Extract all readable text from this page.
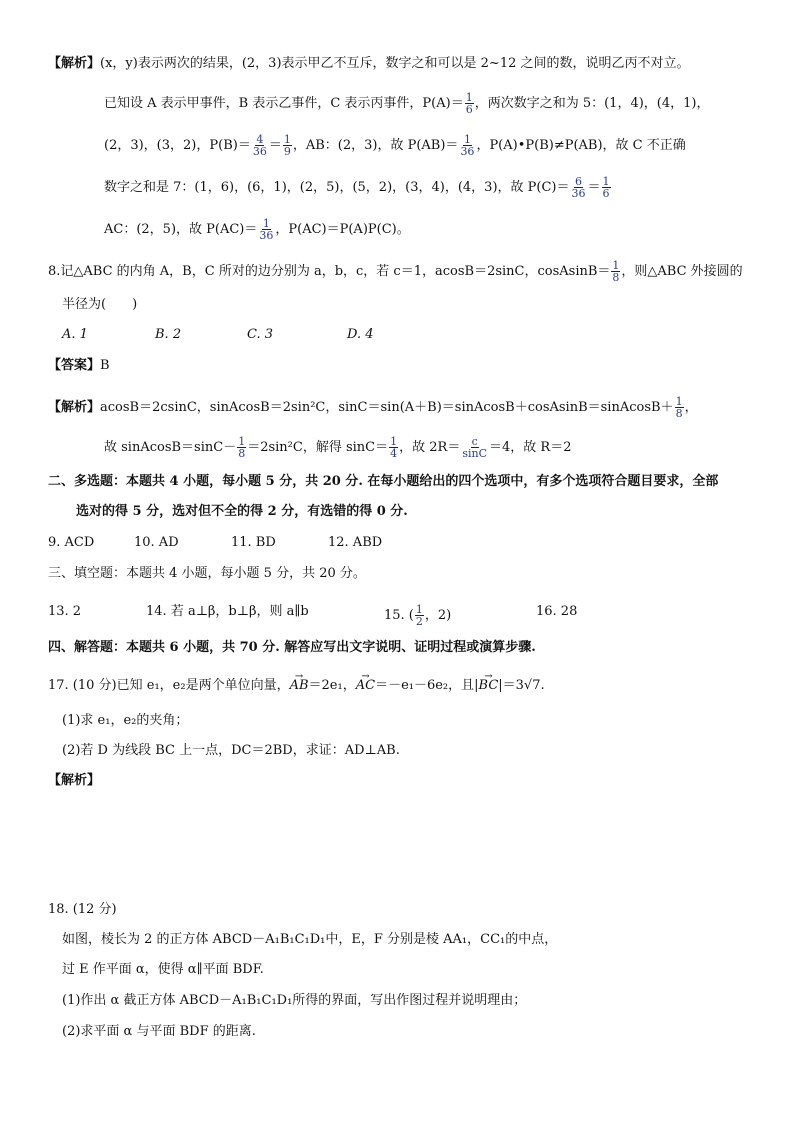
【解析】(x，y)表示两次的结果，(2，3)表示甲乙不互斥，数字之和可以是 2~12 之间的数，说明乙丙不对立。
已知设 A 表示甲事件，B 表示乙事件，C 表示丙事件，$P(A)= \frac{1}{6}$ ，两次数字之和为 5：(1，4)，(4，1)，
(2，3)，(3，2)，$P(B)= \frac{4}{36} = \frac{1}{9}$ ，AB：(2，3)，故 $P(AB)= \frac{1}{36}$ ，P(A)•P(B)≠P(AB)，故 C 不正确
数字之和是 7：(1，6)，(6，1)，(2，5)，(5，2)，(3，4)，(4，3)，故 $P(C)= \frac{6}{36} = \frac{1}{6}$
AC：(2，5)，故 $P(AC)= \frac{1}{36}$ ，P(AC)＝P(A)P(C)。
8.记△ABC 的内角 A，B，C 所对的边分别为 a，b，c，若 c＝1，acosB＝2sinC，cosAsinB＝ $\frac{1}{8}$ ，则△ABC 外接圆的
半径为(　　)
A. 1	B. 2	C. 3	D. 4
【答案】B
【解析】acosB＝2csinC，sinAcosB＝2sin²C，sinC＝sin(A＋B)＝sinAcosB＋cosAsinB＝sinAcosB＋ $\frac{1}{8}$ ，
故 sinAcosB＝sinC－ $\frac{1}{8} =2\sin^2C$，解得 $\sin C= \frac{1}{4}$ ，故 $2R= \frac{c}{\sin C} =4$，故 R＝2
二、多选题：本题共 4 小题，每小题 5 分，共 20 分. 在每小题给出的四个选项中，有多个选项符合题目要求，全部
选对的得 5 分，选对但不全的得 2 分，有选错的得 0 分.
9. ACD	10. AD	11. BD	12. ABD
三、填空题：本题共 4 小题，每小题 5 分，共 20 分。
13. 2	14. 若 a⊥β，b⊥β，则 a∥b	15. ( $\frac{1}{2}$ ，2)	16. 28
四、解答题：本题共 6 小题，共 70 分. 解答应写出文字说明、证明过程或演算步骤.
17. (10 分)已知 e₁，e₂是两个单位向量，→ AB＝2e₁，→ AC＝－e₁－6e₂，且|→ BC|＝3√7.
(1)求 e₁，e₂的夹角；
(2)若 D 为线段 BC 上一点，DC＝2BD，求证：AD⊥AB.
【解析】
18. (12 分)
如图，棱长为 2 的正方体 ABCD－A₁B₁C₁D₁中，E，F 分别是棱 AA₁，CC₁的中点，
过 E 作平面 α，使得 α∥平面 BDF.
(1)作出 α 截正方体 ABCD－A₁B₁C₁D₁所得的界面，写出作图过程并说明理由；
(2)求平面 α 与平面 BDF 的距离.
